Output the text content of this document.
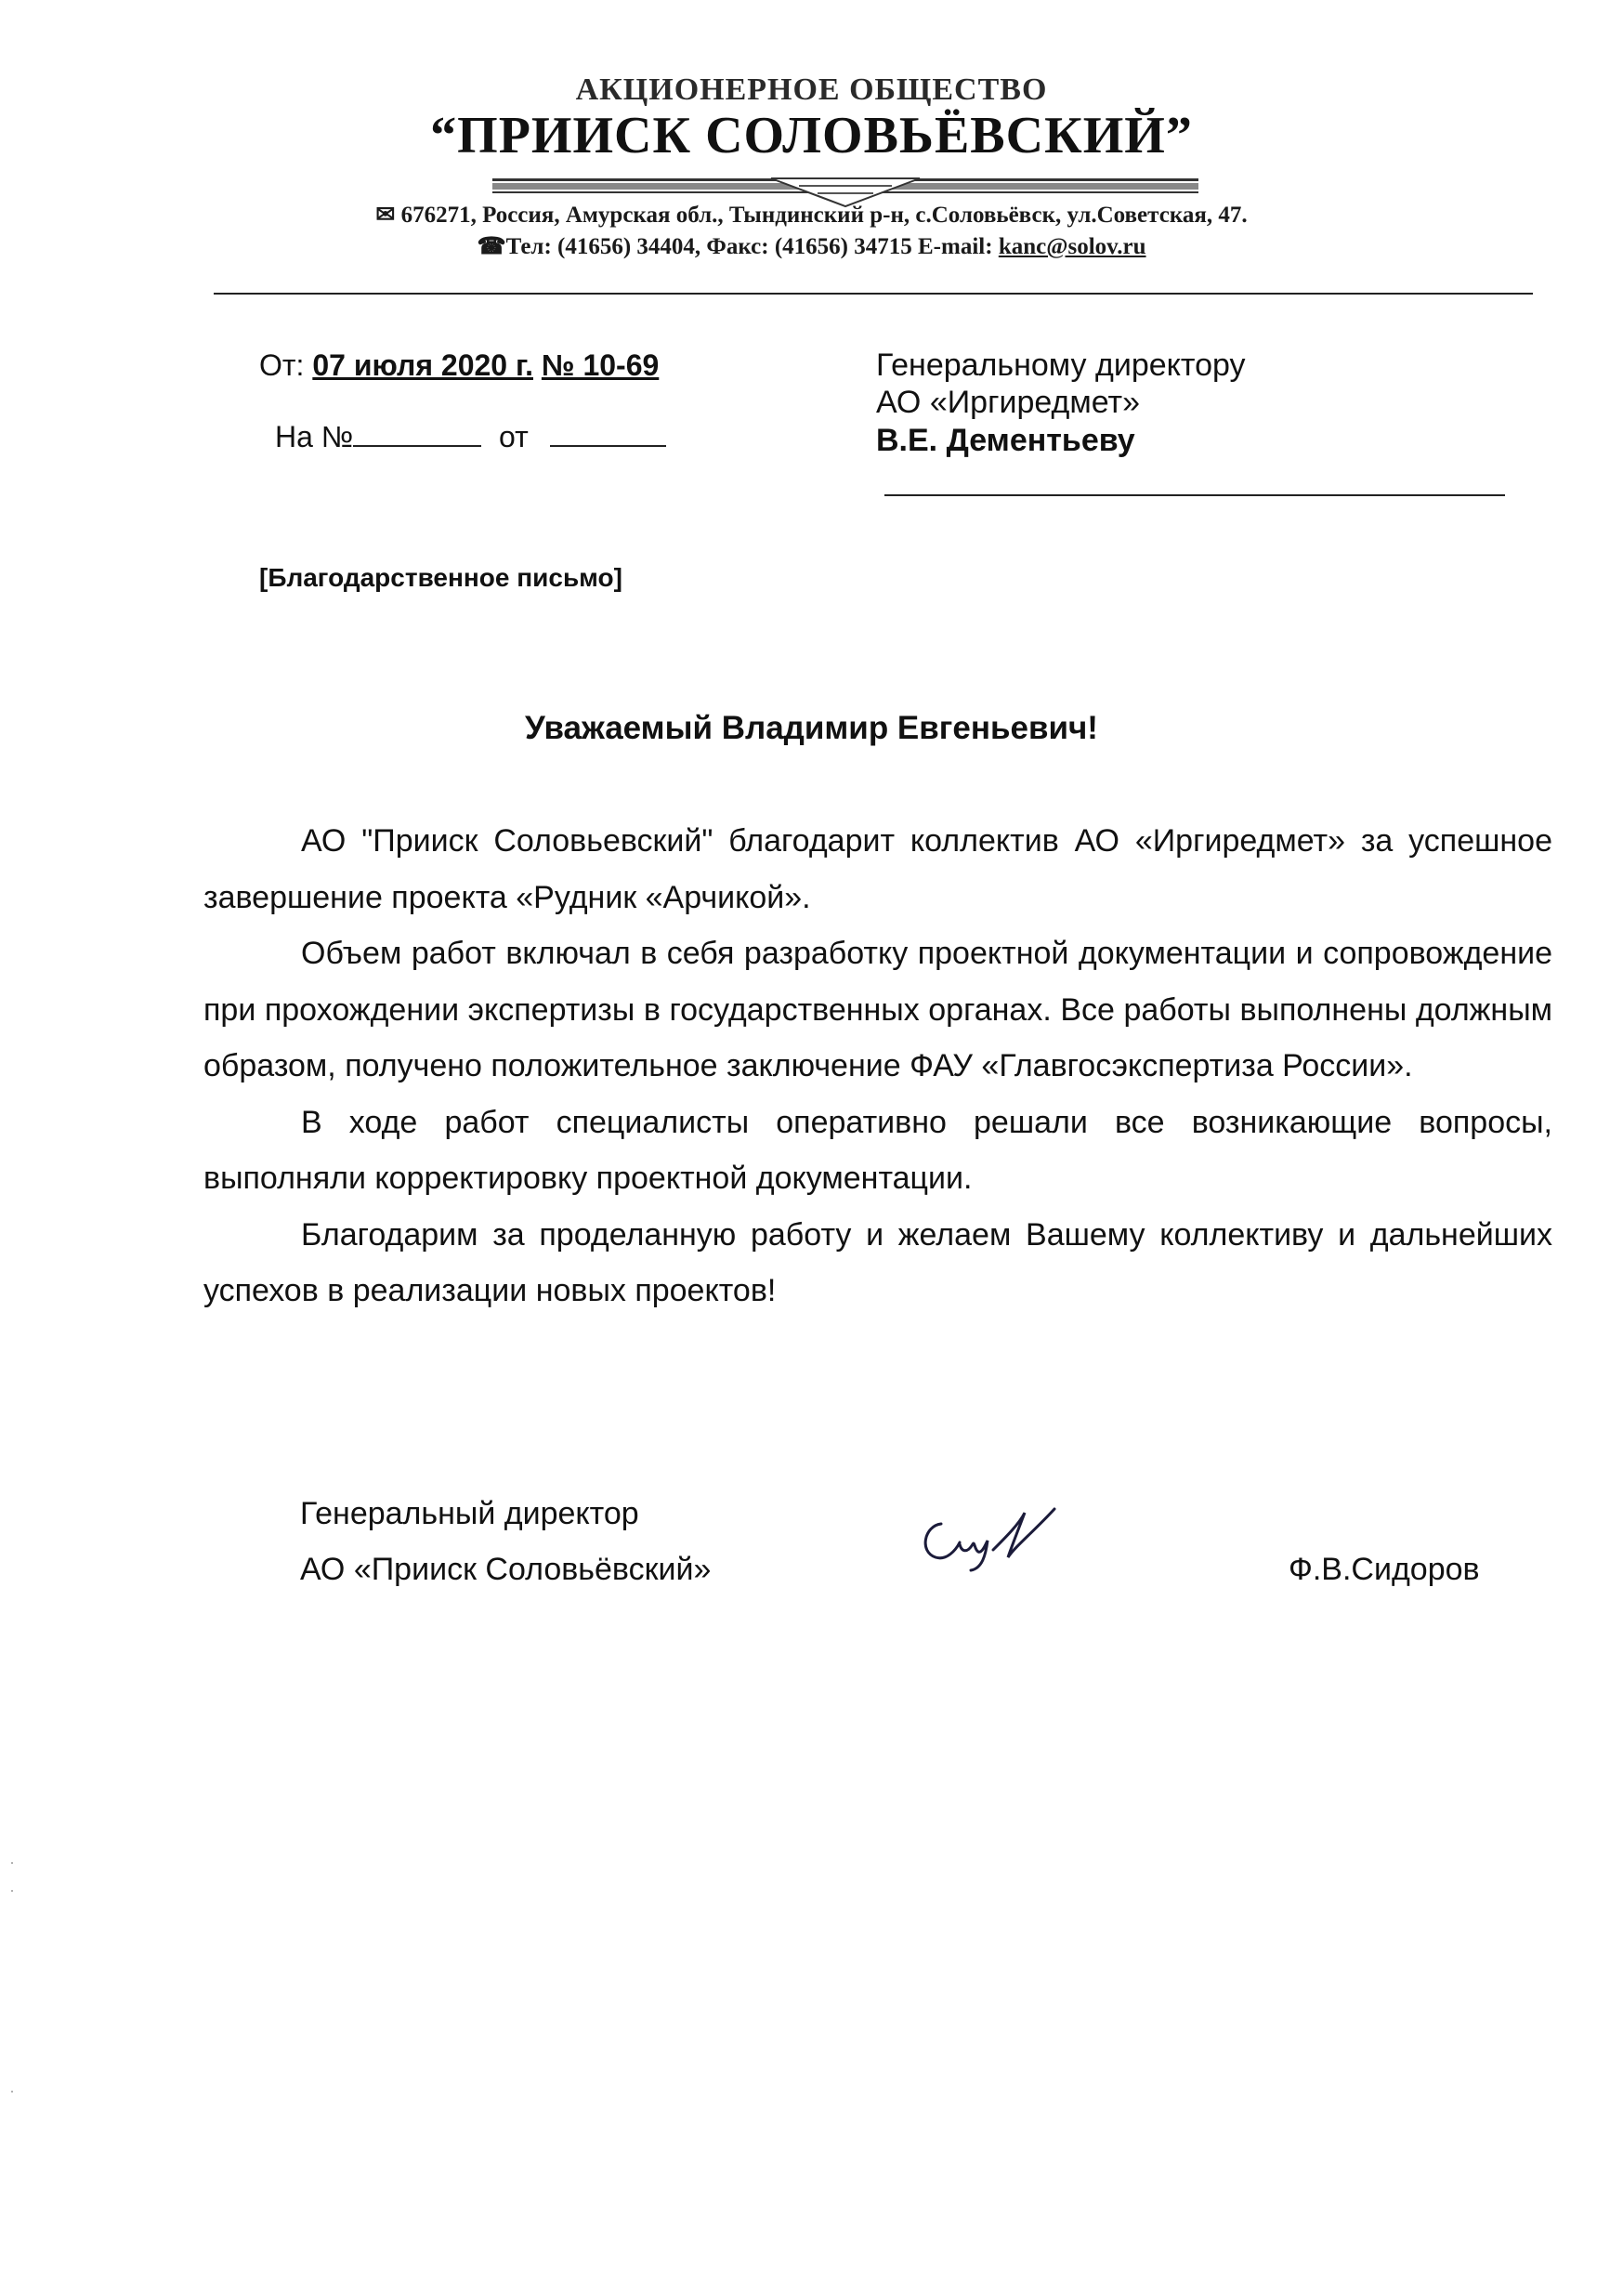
АКЦИОНЕРНОЕ ОБЩЕСТВО
“ПРИИСК СОЛОВЬЁВСКИЙ”
✉ 676271, Россия, Амурская обл., Тындинский р-н, с.Соловьёвск, ул.Советская, 47.
☎Тел: (41656) 34404, Факс: (41656) 34715 E-mail: kanc@solov.ru
От: 07 июля 2020 г. № 10-69
На №	от
Генеральному директору
АО «Иргиредмет»
В.Е. Дементьеву
[Благодарственное письмо]
Уважаемый Владимир Евгеньевич!

АО "Прииск Соловьевский" благодарит коллектив АО «Иргиредмет» за успешное завершение проекта «Рудник «Арчикой».

Объем работ включал в себя разработку проектной документации и сопровождение при прохождении экспертизы в государственных органах. Все работы выполнены должным образом, получено положительное заключение ФАУ «Главгосэкспертиза России».

В ходе работ специалисты оперативно решали все возникающие вопросы, выполняли корректировку проектной документации.

Благодарим за проделанную работу и желаем Вашему коллективу и дальнейших успехов в реализации новых проектов!

Генеральный директор
АО «Прииск Соловьёвский»	Ф.В.Сидоров
